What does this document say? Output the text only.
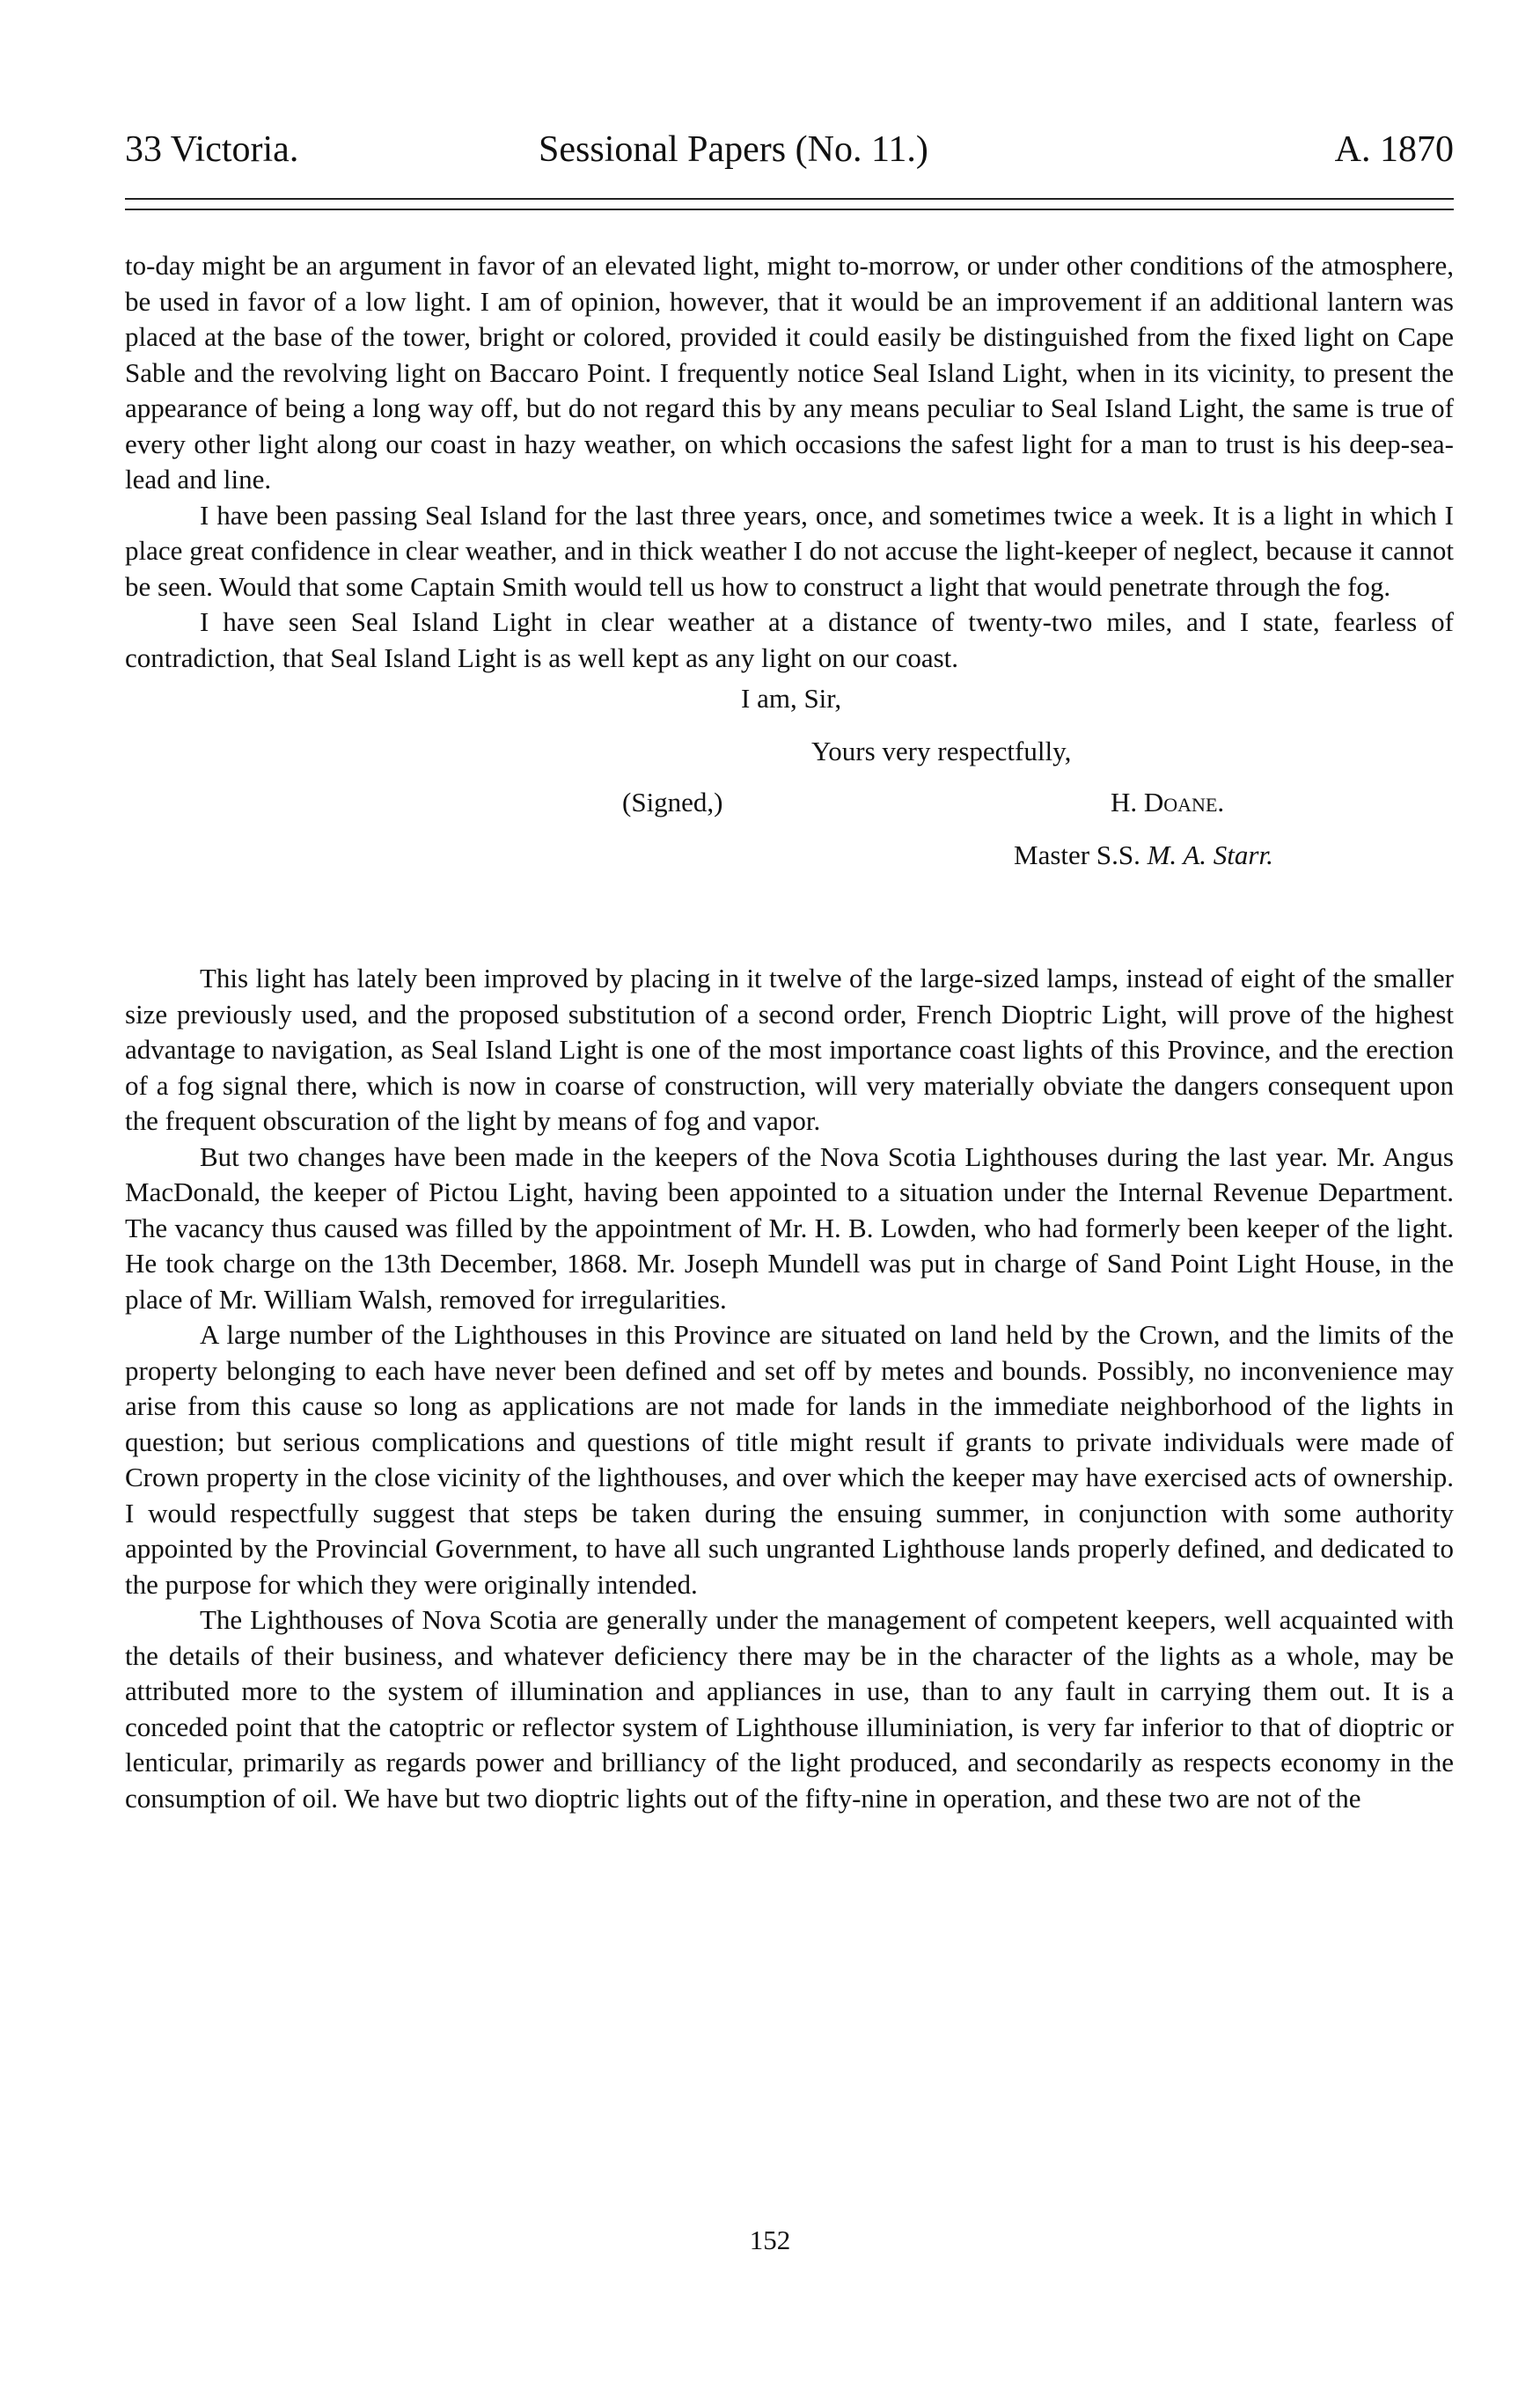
33 Victoria.	Sessional Papers (No. 11.)	A. 1870

to-day might be an argument in favor of an elevated light, might to-morrow, or under other conditions of the atmosphere, be used in favor of a low light. I am of opinion, however, that it would be an improvement if an additional lantern was placed at the base of the tower, bright or colored, provided it could easily be distinguished from the fixed light on Cape Sable and the revolving light on Baccaro Point. I frequently notice Seal Island Light, when in its vicinity, to present the appearance of being a long way off, but do not regard this by any means peculiar to Seal Island Light, the same is true of every other light along our coast in hazy weather, on which occasions the safest light for a man to trust is his deep-sea-lead and line.

I have been passing Seal Island for the last three years, once, and sometimes twice a week. It is a light in which I place great confidence in clear weather, and in thick weather I do not accuse the light-keeper of neglect, because it cannot be seen. Would that some Captain Smith would tell us how to construct a light that would penetrate through the fog.

I have seen Seal Island Light in clear weather at a distance of twenty-two miles, and I state, fearless of contradiction, that Seal Island Light is as well kept as any light on our coast.

I am, Sir,
Yours very respectfully,
(Signed,)	H. Doane.
Master S.S. M. A. Starr.

This light has lately been improved by placing in it twelve of the large-sized lamps, instead of eight of the smaller size previously used, and the proposed substitution of a second order, French Dioptric Light, will prove of the highest advantage to navigation, as Seal Island Light is one of the most importance coast lights of this Province, and the erection of a fog signal there, which is now in coarse of construction, will very materially obviate the dangers consequent upon the frequent obscuration of the light by means of fog and vapor.

But two changes have been made in the keepers of the Nova Scotia Lighthouses during the last year. Mr. Angus MacDonald, the keeper of Pictou Light, having been appointed to a situation under the Internal Revenue Department. The vacancy thus caused was filled by the appointment of Mr. H. B. Lowden, who had formerly been keeper of the light. He took charge on the 13th December, 1868. Mr. Joseph Mundell was put in charge of Sand Point Light House, in the place of Mr. William Walsh, removed for irregularities.

A large number of the Lighthouses in this Province are situated on land held by the Crown, and the limits of the property belonging to each have never been defined and set off by metes and bounds. Possibly, no inconvenience may arise from this cause so long as applications are not made for lands in the immediate neighborhood of the lights in question; but serious complications and questions of title might result if grants to private individuals were made of Crown property in the close vicinity of the lighthouses, and over which the keeper may have exercised acts of ownership. I would respectfully suggest that steps be taken during the ensuing summer, in conjunction with some authority appointed by the Provincial Government, to have all such ungranted Lighthouse lands properly defined, and dedicated to the purpose for which they were originally intended.

The Lighthouses of Nova Scotia are generally under the management of competent keepers, well acquainted with the details of their business, and whatever deficiency there may be in the character of the lights as a whole, may be attributed more to the system of illumination and appliances in use, than to any fault in carrying them out. It is a conceded point that the catoptric or reflector system of Lighthouse illuminiation, is very far inferior to that of dioptric or lenticular, primarily as regards power and brilliancy of the light produced, and secondarily as respects economy in the consumption of oil. We have but two dioptric lights out of the fifty-nine in operation, and these two are not of the

152
